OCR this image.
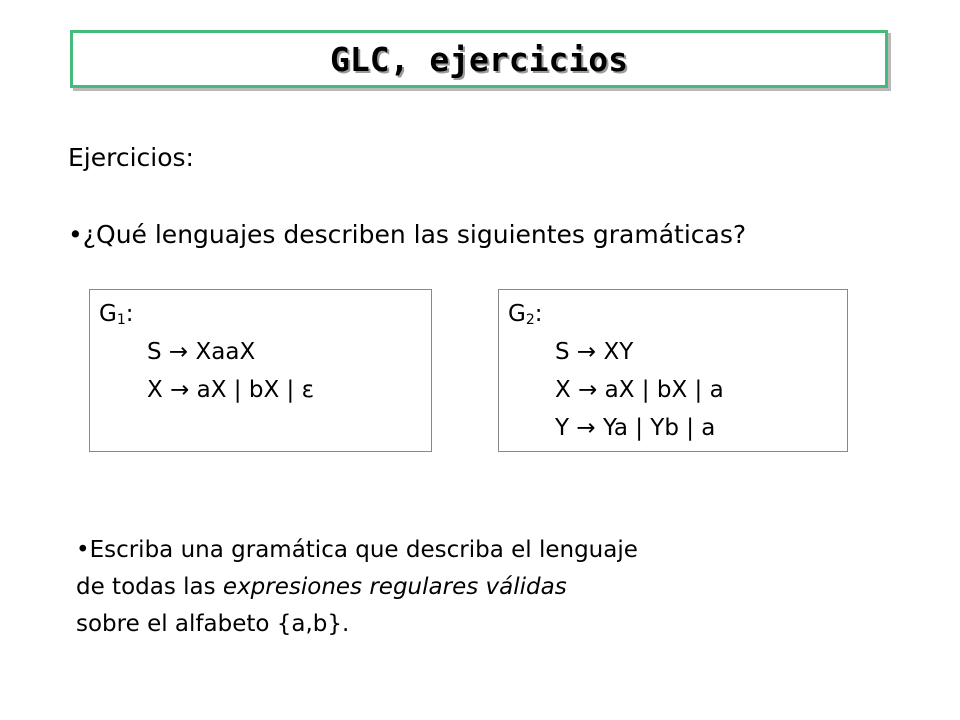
GLC, ejercicios
Ejercicios:
•¿Qué lenguajes describen las siguientes gramáticas?
$G_1$:
S → XaaX
X → aX | bX | ε
$G_2$:
S → XY
X → aX | bX | a
Y → Ya | Yb | a
•Escriba una gramática que describa el lenguaje
de todas las expresiones regulares válidas
sobre el alfabeto {a,b}.
